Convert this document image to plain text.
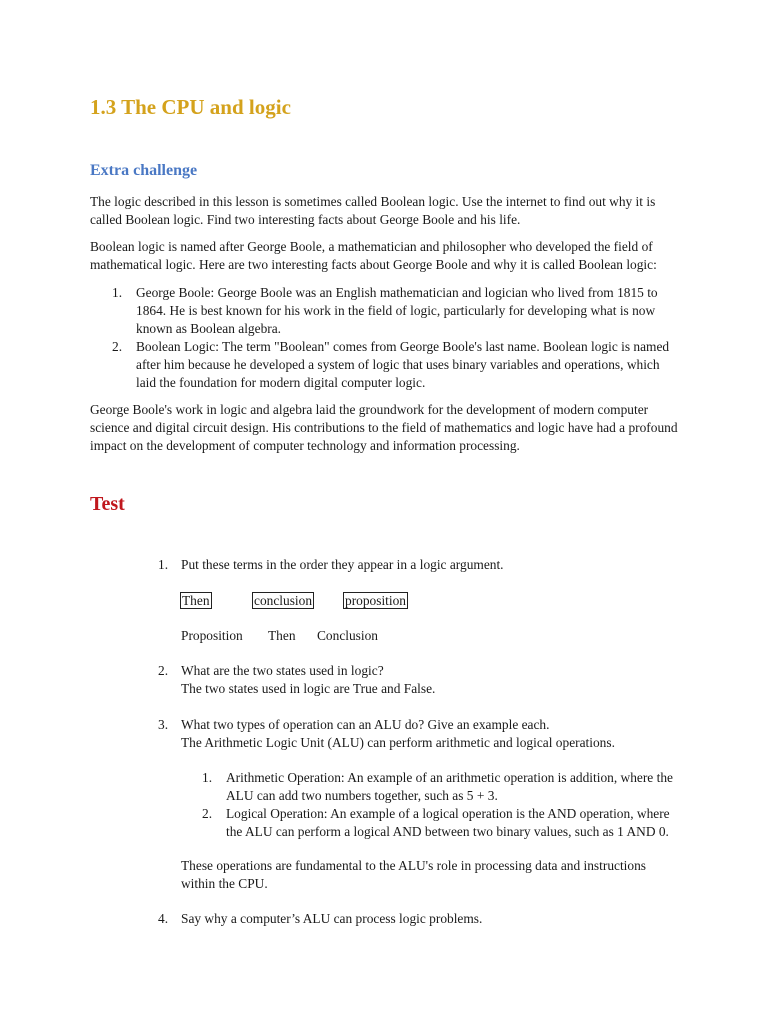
1.3 The CPU and logic
Extra challenge

The logic described in this lesson is sometimes called Boolean logic. Use the internet to find out why it is called Boolean logic. Find two interesting facts about George Boole and his life.

Boolean logic is named after George Boole, a mathematician and philosopher who developed the field of mathematical logic. Here are two interesting facts about George Boole and why it is called Boolean logic:

1. George Boole: George Boole was an English mathematician and logician who lived from 1815 to 1864. He is best known for his work in the field of logic, particularly for developing what is now known as Boolean algebra.
2. Boolean Logic: The term "Boolean" comes from George Boole's last name. Boolean logic is named after him because he developed a system of logic that uses binary variables and operations, which laid the foundation for modern digital computer logic.

George Boole's work in logic and algebra laid the groundwork for the development of modern computer science and digital circuit design. His contributions to the field of mathematics and logic have had a profound impact on the development of computer technology and information processing.

Test
1. Put these terms in the order they appear in a logic argument.
Then	conclusion proposition
Proposition Then Conclusion
2. What are the two states used in logic?
The two states used in logic are True and False.
3. What two types of operation can an ALU do? Give an example each.
The Arithmetic Logic Unit (ALU) can perform arithmetic and logical operations.
1. Arithmetic Operation: An example of an arithmetic operation is addition, where the ALU can add two numbers together, such as 5 + 3.
2. Logical Operation: An example of a logical operation is the AND operation, where the ALU can perform a logical AND between two binary values, such as 1 AND 0.

These operations are fundamental to the ALU's role in processing data and instructions within the CPU.

4. Say why a computer’s ALU can process logic problems.
